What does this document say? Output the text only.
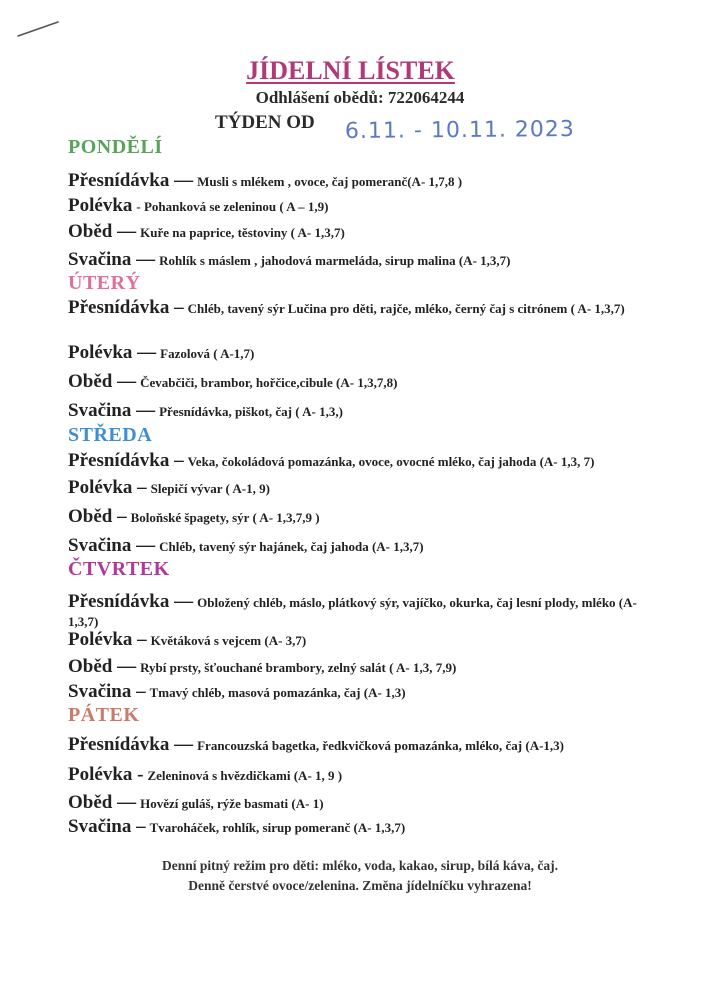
JÍDELNÍ LÍSTEK
Odhlášení obědů: 722064244
TÝDEN OD 6.11. - 10.11. 2023
PONDĚLÍ
Přesnídávka — Musli s mlékem , ovoce, čaj pomeranč(A- 1,7,8 )
Polévka - Pohanková se zeleninou ( A – 1,9)
Oběd — Kuře na paprice, těstoviny ( A- 1,3,7)
Svačina — Rohlík s máslem , jahodová marmeláda, sirup malina (A- 1,3,7)
ÚTERÝ
Přesnídávka – Chléb, tavený sýr Lučina pro děti, rajče, mléko, černý čaj s citrónem ( A- 1,3,7)
Polévka — Fazolová ( A-1,7)
Oběd — Čevabčiči, brambor, hořčice,cibule (A- 1,3,7,8)
Svačina — Přesnídávka, piškot, čaj ( A- 1,3,)
STŘEDA
Přesnídávka – Veka, čokoládová pomazánka, ovoce, ovocné mléko, čaj jahoda (A- 1,3, 7)
Polévka – Slepičí vývar ( A-1, 9)
Oběd – Boloňské špagety, sýr ( A- 1,3,7,9 )
Svačina — Chléb, tavený sýr hajánek, čaj jahoda (A- 1,3,7)
ČTVRTEK
Přesnídávka — Obložený chléb, máslo, plátkový sýr, vajíčko, okurka, čaj lesní plody, mléko (A- 1,3,7)
Polévka – Květáková s vejcem (A- 3,7)
Oběd — Rybí prsty, šťouchané brambory, zelný salát ( A- 1,3, 7,9)
Svačina – Tmavý chléb, masová pomazánka, čaj (A- 1,3)
PÁTEK
Přesnídávka — Francouzská bagetka, ředkvičková pomazánka, mléko, čaj (A-1,3)
Polévka - Zeleninová s hvězdičkami (A- 1, 9 )
Oběd — Hovězí guláš, rýže basmati (A- 1)
Svačina – Tvaroháček, rohlík, sirup pomeranč (A- 1,3,7)
Denní pitný režim pro děti: mléko, voda, kakao, sirup, bílá káva, čaj.
Denně čerstvé ovoce/zelenina. Změna jídelníčku vyhrazena!
